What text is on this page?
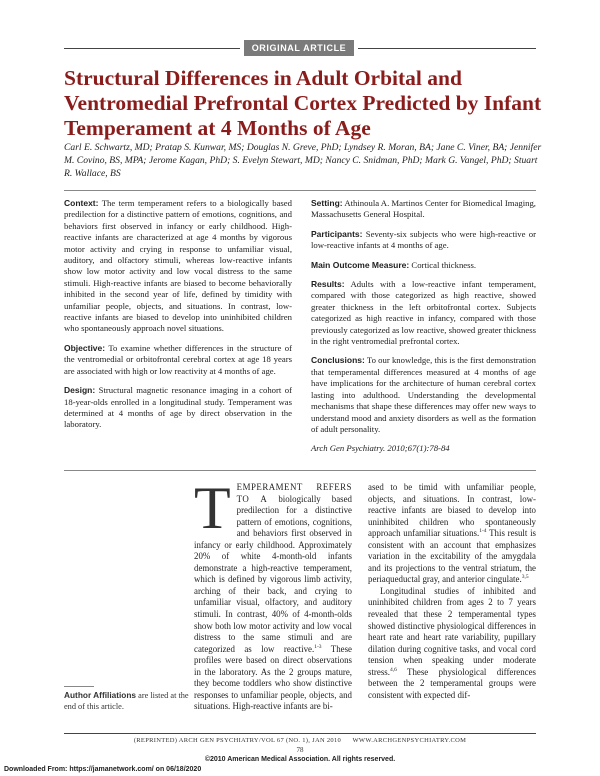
ORIGINAL ARTICLE
Structural Differences in Adult Orbital and Ventromedial Prefrontal Cortex Predicted by Infant Temperament at 4 Months of Age
Carl E. Schwartz, MD; Pratap S. Kunwar, MS; Douglas N. Greve, PhD; Lyndsey R. Moran, BA; Jane C. Viner, BA; Jennifer M. Covino, BS, MPA; Jerome Kagan, PhD; S. Evelyn Stewart, MD; Nancy C. Snidman, PhD; Mark G. Vangel, PhD; Stuart R. Wallace, BS

Context: The term temperament refers to a biologically based predilection for a distinctive pattern of emotions, cognitions, and behaviors first observed in infancy or early childhood. High-reactive infants are characterized at age 4 months by vigorous motor activity and crying in response to unfamiliar visual, auditory, and olfactory stimuli, whereas low-reactive infants show low motor activity and low vocal distress to the same stimuli. High-reactive infants are biased to become behaviorally inhibited in the second year of life, defined by timidity with unfamiliar people, objects, and situations. In contrast, low-reactive infants are biased to develop into uninhibited children who spontaneously approach novel situations.

Objective: To examine whether differences in the structure of the ventromedial or orbitofrontal cerebral cortex at age 18 years are associated with high or low reactivity at 4 months of age.

Design: Structural magnetic resonance imaging in a cohort of 18-year-olds enrolled in a longitudinal study. Temperament was determined at 4 months of age by direct observation in the laboratory.

Setting: Athinoula A. Martinos Center for Biomedical Imaging, Massachusetts General Hospital.

Participants: Seventy-six subjects who were high-reactive or low-reactive infants at 4 months of age.

Main Outcome Measure: Cortical thickness.

Results: Adults with a low-reactive infant temperament, compared with those categorized as high reactive, showed greater thickness in the left orbitofrontal cortex. Subjects categorized as high reactive in infancy, compared with those previously categorized as low reactive, showed greater thickness in the right ventromedial prefrontal cortex.

Conclusions: To our knowledge, this is the first demonstration that temperamental differences measured at 4 months of age have implications for the architecture of human cerebral cortex lasting into adulthood. Understanding the developmental mechanisms that shape these differences may offer new ways to understand mood and anxiety disorders as well as the formation of adult personality.

Arch Gen Psychiatry. 2010;67(1):78-84

TEMPERAMENT REFERS TO A biologically based predilection for a distinctive pattern of emotions, cognitions, and behaviors first observed in infancy or early childhood. Approximately 20% of white 4-month-old infants demonstrate a high-reactive temperament, which is defined by vigorous limb activity, arching of their back, and crying to unfamiliar visual, olfactory, and auditory stimuli. In contrast, 40% of 4-month-olds show both low motor activity and low vocal distress to the same stimuli and are categorized as low reactive.$^{1-3}$ These profiles were based on direct observations in the laboratory. As the 2 groups mature, they become toddlers who show distinctive responses to unfamiliar people, objects, and situations. High-reactive infants are bi-

ased to be timid with unfamiliar people, objects, and situations. In contrast, low-reactive infants are biased to develop into uninhibited children who spontaneously approach unfamiliar situations.$^{1-4}$ This result is consistent with an account that emphasizes variation in the excitability of the amygdala and its projections to the ventral striatum, the periaqueductal gray, and anterior cingulate.$^{3,5}$

Longitudinal studies of inhibited and uninhibited children from ages 2 to 7 years revealed that these 2 temperamental types showed distinctive physiological differences in heart rate and heart rate variability, pupillary dilation during cognitive tasks, and vocal cord tension when speaking under moderate stress.$^{4,6}$ These physiological differences between the 2 temperamental groups were consistent with expected dif-

Author Affiliations are listed at the end of this article.
(REPRINTED) ARCH GEN PSYCHIATRY/VOL 67 (NO. 1), JAN 2010      WWW.ARCHGENPSYCHIATRY.COM
78
©2010 American Medical Association. All rights reserved.
Downloaded From: https://jamanetwork.com/ on 06/18/2020
